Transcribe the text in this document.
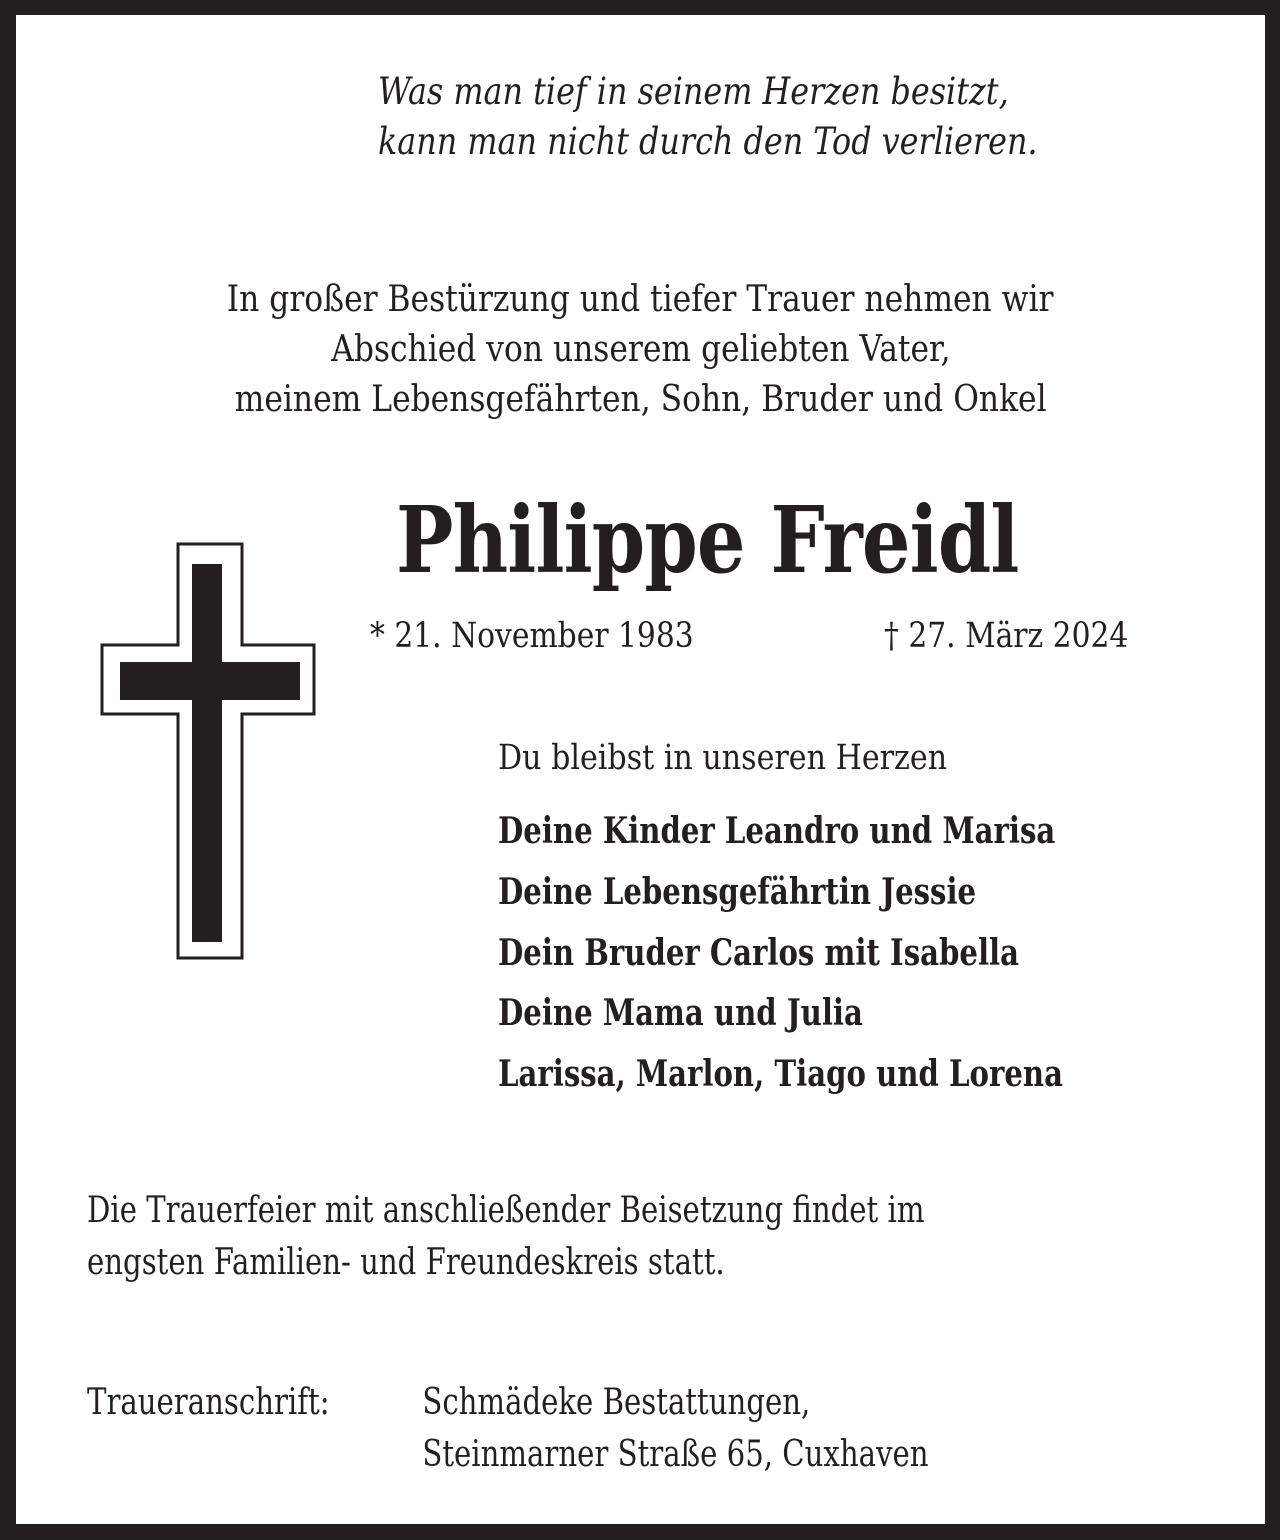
Was man tief in seinem Herzen besitzt,
kann man nicht durch den Tod verlieren.
In großer Bestürzung und tiefer Trauer nehmen wir
Abschied von unserem geliebten Vater,
meinem Lebensgefährten, Sohn, Bruder und Onkel
Philippe Freidl
* 21. November 1983	† 27. März 2024
Du bleibst in unseren Herzen
Deine Kinder Leandro und Marisa
Deine Lebensgefährtin Jessie
Dein Bruder Carlos mit Isabella
Deine Mama und Julia
Larissa, Marlon, Tiago und Lorena
Die Trauerfeier mit anschließender Beisetzung findet im
engsten Familien- und Freundeskreis statt.
Traueranschrift:	Schmädeke Bestattungen,
Steinmarner Straße 65, Cuxhaven
